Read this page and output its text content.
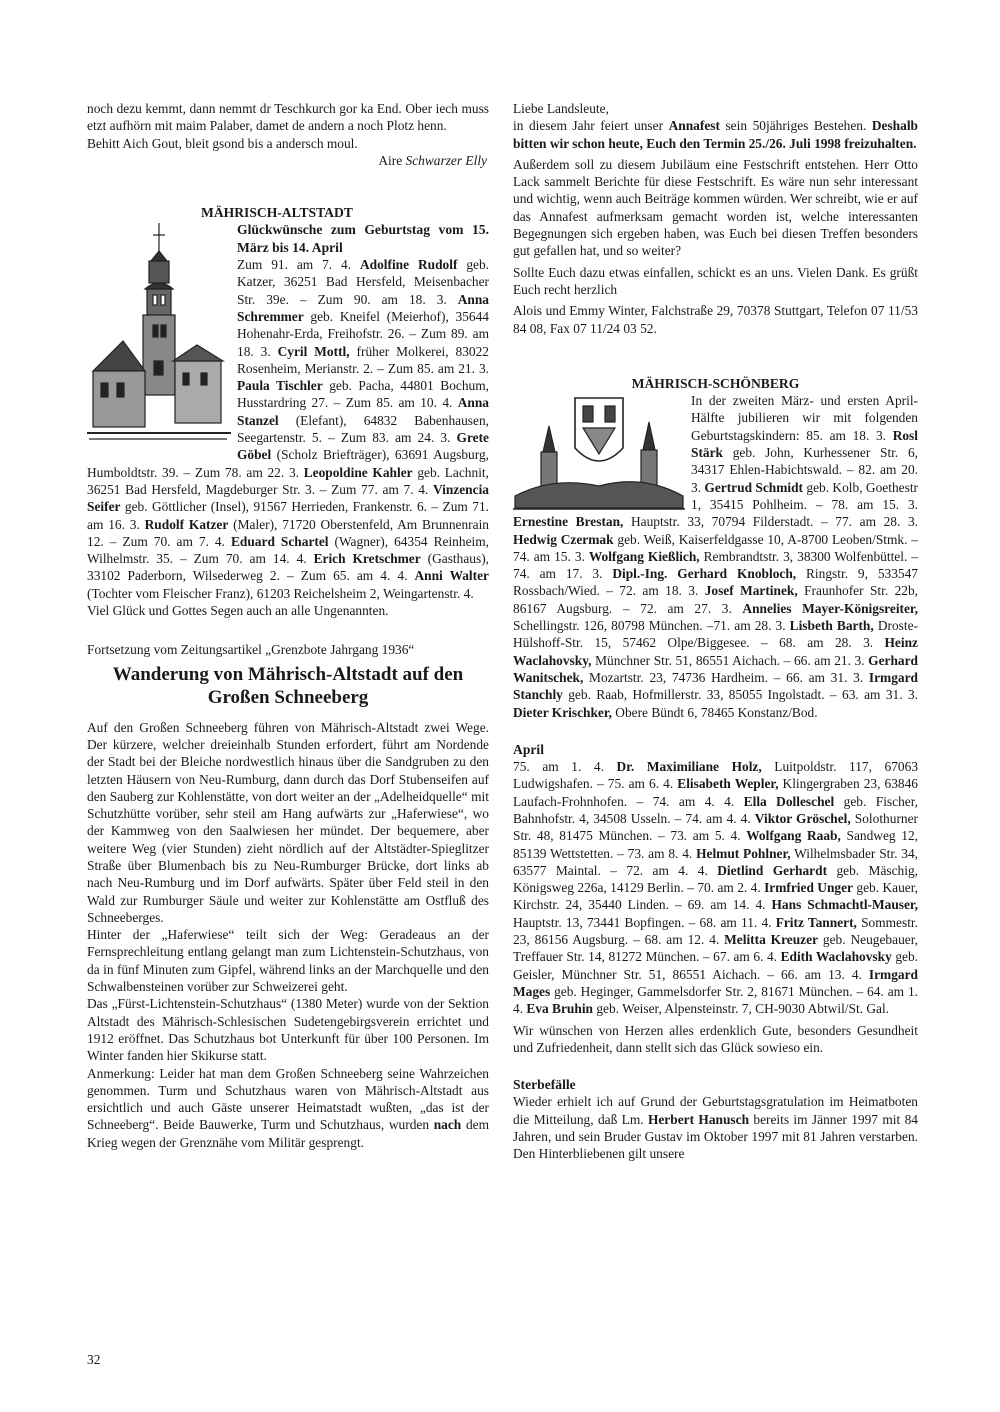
noch dezu kemmt, dann nemmt dr Teschkurch gor ka End. Ober iech muss etzt aufhörn mit maim Palaber, damet de andern a noch Plotz henn.

Behitt Aich Gout, bleit gsond bis a andersch moul.

Aire Schwarzer Elly

MÄHRISCH-ALTSTADT

Glückwünsche zum Geburtstag vom 15. März bis 14. April

Zum 91. am 7. 4. Adolfine Rudolf geb. Katzer, 36251 Bad Hersfeld, Meisenbacher Str. 39e. – Zum 90. am 18. 3. Anna Schremmer geb. Kneifel (Meierhof), 35644 Hohenahr-Erda, Freihofstr. 26. – Zum 89. am 18. 3. Cyril Mottl, früher Molkerei, 83022 Rosenheim, Merianstr. 2. – Zum 85. am 21. 3. Paula Tischler geb. Pacha, 44801 Bochum, Husstardring 27. – Zum 85. am 10. 4. Anna Stanzel (Elefant), 64832 Babenhausen, Seegartenstr. 5. – Zum 83. am 24. 3. Grete Göbel (Scholz Briefträger), 63691 Augsburg, Humboldtstr. 39. – Zum 78. am 22. 3. Leopoldine Kahler geb. Lachnit, 36251 Bad Hersfeld, Magdeburger Str. 3. – Zum 77. am 7. 4. Vinzencia Seifer geb. Göttlicher (Insel), 91567 Herrieden, Frankenstr. 6. – Zum 71. am 16. 3. Rudolf Katzer (Maler), 71720 Oberstenfeld, Am Brunnenrain 12. – Zum 70. am 7. 4. Eduard Schartel (Wagner), 64354 Reinheim, Wilhelmstr. 35. – Zum 70. am 14. 4. Erich Kretschmer (Gasthaus), 33102 Paderborn, Wilsederweg 2. – Zum 65. am 4. 4. Anni Walter (Tochter vom Fleischer Franz), 61203 Reichelsheim 2, Weingartenstr. 4.

Viel Glück und Gottes Segen auch an alle Ungenannten.

Fortsetzung vom Zeitungsartikel „Grenzbote Jahrgang 1936“

Wanderung von Mährisch-Altstadt auf den Großen Schneeberg

Auf den Großen Schneeberg führen von Mährisch-Altstadt zwei Wege. Der kürzere, welcher dreieinhalb Stunden erfordert, führt am Nordende der Stadt bei der Bleiche nordwestlich hinaus über die Sandgruben zu den letzten Häusern von Neu-Rumburg, dann durch das Dorf Stubenseifen auf den Sauberg zur Kohlenstätte, von dort weiter an der „Adelheidquelle“ mit Schutzhütte vorüber, sehr steil am Hang aufwärts zur „Haferwiese“, wo der Kammweg von den Saalwiesen her mündet. Der bequemere, aber weitere Weg (vier Stunden) zieht nördlich auf der Altstädter-Spieglitzer Straße über Blumenbach bis zu Neu-Rumburger Brücke, dort links ab nach Neu-Rumburg und im Dorf aufwärts. Später über Feld steil in den Wald zur Rumburger Säule und weiter zur Kohlenstätte am Ostfluß des Schneeberges.

Hinter der „Haferwiese“ teilt sich der Weg: Geradeaus an der Fernsprechleitung entlang gelangt man zum Lichtenstein-Schutzhaus, von da in fünf Minuten zum Gipfel, während links an der Marchquelle und den Schwalbensteinen vorüber zur Schweizerei geht.

Das „Fürst-Lichtenstein-Schutzhaus“ (1380 Meter) wurde von der Sektion Altstadt des Mährisch-Schlesischen Sudetengebirgsverein errichtet und 1912 eröffnet. Das Schutzhaus bot Unterkunft für über 100 Personen. Im Winter fanden hier Skikurse statt.

Anmerkung: Leider hat man dem Großen Schneeberg seine Wahrzeichen genommen. Turm und Schutzhaus waren von Mährisch-Altstadt aus ersichtlich und auch Gäste unserer Heimatstadt wußten, „das ist der Schneeberg“. Beide Bauwerke, Turm und Schutzhaus, wurden nach dem Krieg wegen der Grenznähe vom Militär gesprengt.

Liebe Landsleute,

in diesem Jahr feiert unser Annafest sein 50jähriges Bestehen. Deshalb bitten wir schon heute, Euch den Termin 25./26. Juli 1998 freizuhalten.

Außerdem soll zu diesem Jubiläum eine Festschrift entstehen. Herr Otto Lack sammelt Berichte für diese Festschrift. Es wäre nun sehr interessant und wichtig, wenn auch Beiträge kommen würden. Wer schreibt, wie er auf das Annafest aufmerksam gemacht worden ist, welche interessanten Begegnungen sich ergeben haben, was Euch bei diesen Treffen besonders gut gefallen hat, und so weiter?

Sollte Euch dazu etwas einfallen, schickt es an uns. Vielen Dank. Es grüßt Euch recht herzlich

Alois und Emmy Winter, Falchstraße 29, 70378 Stuttgart, Telefon 07 11/53 84 08, Fax 07 11/24 03 52.

MÄHRISCH-SCHÖNBERG

In der zweiten März- und ersten April-Hälfte jubilieren wir mit folgenden Geburtstagskindern: 85. am 18. 3. Rosl Stärk geb. John, Kurhessener Str. 6, 34317 Ehlen-Habichtswald. – 82. am 20. 3. Gertrud Schmidt geb. Kolb, Goethestr 1, 35415 Pohlheim. – 78. am 15. 3. Ernestine Brestan, Hauptstr. 33, 70794 Filderstadt. – 77. am 28. 3. Hedwig Czermak geb. Weiß, Kaiserfeldgasse 10, A-8700 Leoben/Stmk. – 74. am 15. 3. Wolfgang Kießlich, Rembrandtstr. 3, 38300 Wolfenbüttel. – 74. am 17. 3. Dipl.-Ing. Gerhard Knobloch, Ringstr. 9, 533547 Rossbach/Wied. – 72. am 18. 3. Josef Martinek, Fraunhofer Str. 22b, 86167 Augsburg. – 72. am 27. 3. Annelies Mayer-Königsreiter, Schellingstr. 126, 80798 München. –71. am 28. 3. Lisbeth Barth, Droste-Hülshoff-Str. 15, 57462 Olpe/Biggesee. – 68. am 28. 3. Heinz Waclahovsky, Münchner Str. 51, 86551 Aichach. – 66. am 21. 3. Gerhard Wanitschek, Mozartstr. 23, 74736 Hardheim. – 66. am 31. 3. Irmgard Stanchly geb. Raab, Hofmillerstr. 33, 85055 Ingolstadt. – 63. am 31. 3. Dieter Krischker, Obere Bündt 6, 78465 Konstanz/Bod.

April

75. am 1. 4. Dr. Maximiliane Holz, Luitpoldstr. 117, 67063 Ludwigshafen. – 75. am 6. 4. Elisabeth Wepler, Klingergraben 23, 63846 Laufach-Frohnhofen. – 74. am 4. 4. Ella Dolleschel geb. Fischer, Bahnhofstr. 4, 34508 Usseln. – 74. am 4. 4. Viktor Gröschel, Solothurner Str. 48, 81475 München. – 73. am 5. 4. Wolfgang Raab, Sandweg 12, 85139 Wettstetten. – 73. am 8. 4. Helmut Pohlner, Wilhelmsbader Str. 34, 63577 Maintal. – 72. am 4. 4. Dietlind Gerhardt geb. Mäschig, Königsweg 226a, 14129 Berlin. – 70. am 2. 4. Irmfried Unger geb. Kauer, Kirchstr. 24, 35440 Linden. – 69. am 14. 4. Hans Schmachtl-Mauser, Hauptstr. 13, 73441 Bopfingen. – 68. am 11. 4. Fritz Tannert, Sommestr. 23, 86156 Augsburg. – 68. am 12. 4. Melitta Kreuzer geb. Neugebauer, Treffauer Str. 14, 81272 München. – 67. am 6. 4. Edith Waclahovsky geb. Geisler, Münchner Str. 51, 86551 Aichach. – 66. am 13. 4. Irmgard Mages geb. Heginger, Gammelsdorfer Str. 2, 81671 München. – 64. am 1. 4. Eva Bruhin geb. Weiser, Alpensteinstr. 7, CH-9030 Abtwil/St. Gal.

Wir wünschen von Herzen alles erdenklich Gute, besonders Gesundheit und Zufriedenheit, dann stellt sich das Glück sowieso ein.

Sterbefälle

Wieder erhielt ich auf Grund der Geburtstagsgratulation im Heimatboten die Mitteilung, daß Lm. Herbert Hanusch bereits im Jänner 1997 mit 84 Jahren, und sein Bruder Gustav im Oktober 1997 mit 81 Jahren verstarben. Den Hinterbliebenen gilt unsere

32
